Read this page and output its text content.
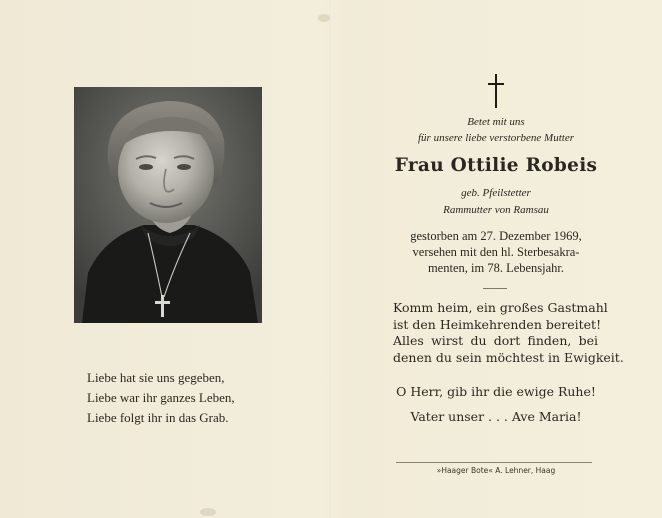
Liebe hat sie uns gegeben,
Liebe war ihr ganzes Leben,
Liebe folgt ihr in das Grab.
Betet mit uns
für unsere liebe verstorbene Mutter
Frau Ottilie Robeis
geb. Pfeilstetter
Rammutter von Ramsau
gestorben am 27. Dezember 1969,
versehen mit den hl. Sterbesakra-
menten, im 78. Lebensjahr.
Komm heim, ein großes Gastmahl
ist den Heimkehrenden bereitet!
Alles wirst du dort finden, bei
denen du sein möchtest in Ewigkeit.
O Herr, gib ihr die ewige Ruhe!
Vater unser . . . Ave Maria!
»Haager Bote« A. Lehner, Haag
